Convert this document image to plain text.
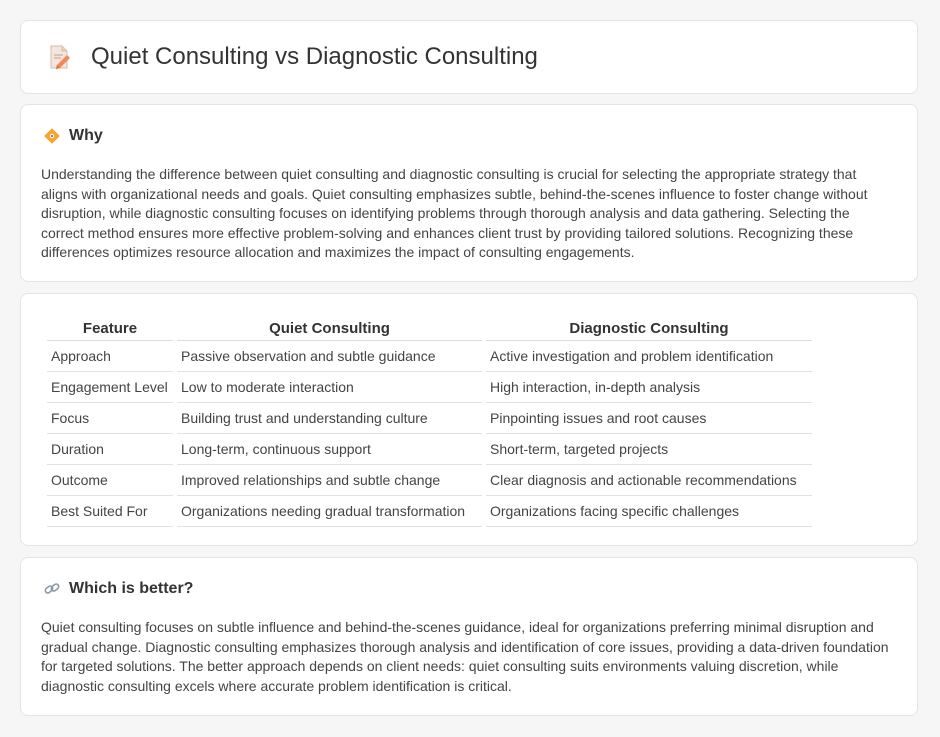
Quiet Consulting vs Diagnostic Consulting
Why

Understanding the difference between quiet consulting and diagnostic consulting is crucial for selecting the appropriate strategy that aligns with organizational needs and goals. Quiet consulting emphasizes subtle, behind-the-scenes influence to foster change without disruption, while diagnostic consulting focuses on identifying problems through thorough analysis and data gathering. Selecting the correct method ensures more effective problem-solving and enhances client trust by providing tailored solutions. Recognizing these differences optimizes resource allocation and maximizes the impact of consulting engagements.

Feature	Quiet Consulting	Diagnostic Consulting
Approach	Passive observation and subtle guidance	Active investigation and problem identification
Engagement Level	Low to moderate interaction	High interaction, in-depth analysis
Focus	Building trust and understanding culture	Pinpointing issues and root causes
Duration	Long-term, continuous support	Short-term, targeted projects
Outcome	Improved relationships and subtle change	Clear diagnosis and actionable recommendations
Best Suited For	Organizations needing gradual transformation	Organizations facing specific challenges
Which is better?

Quiet consulting focuses on subtle influence and behind-the-scenes guidance, ideal for organizations preferring minimal disruption and gradual change. Diagnostic consulting emphasizes thorough analysis and identification of core issues, providing a data-driven foundation for targeted solutions. The better approach depends on client needs: quiet consulting suits environments valuing discretion, while diagnostic consulting excels where accurate problem identification is critical.
